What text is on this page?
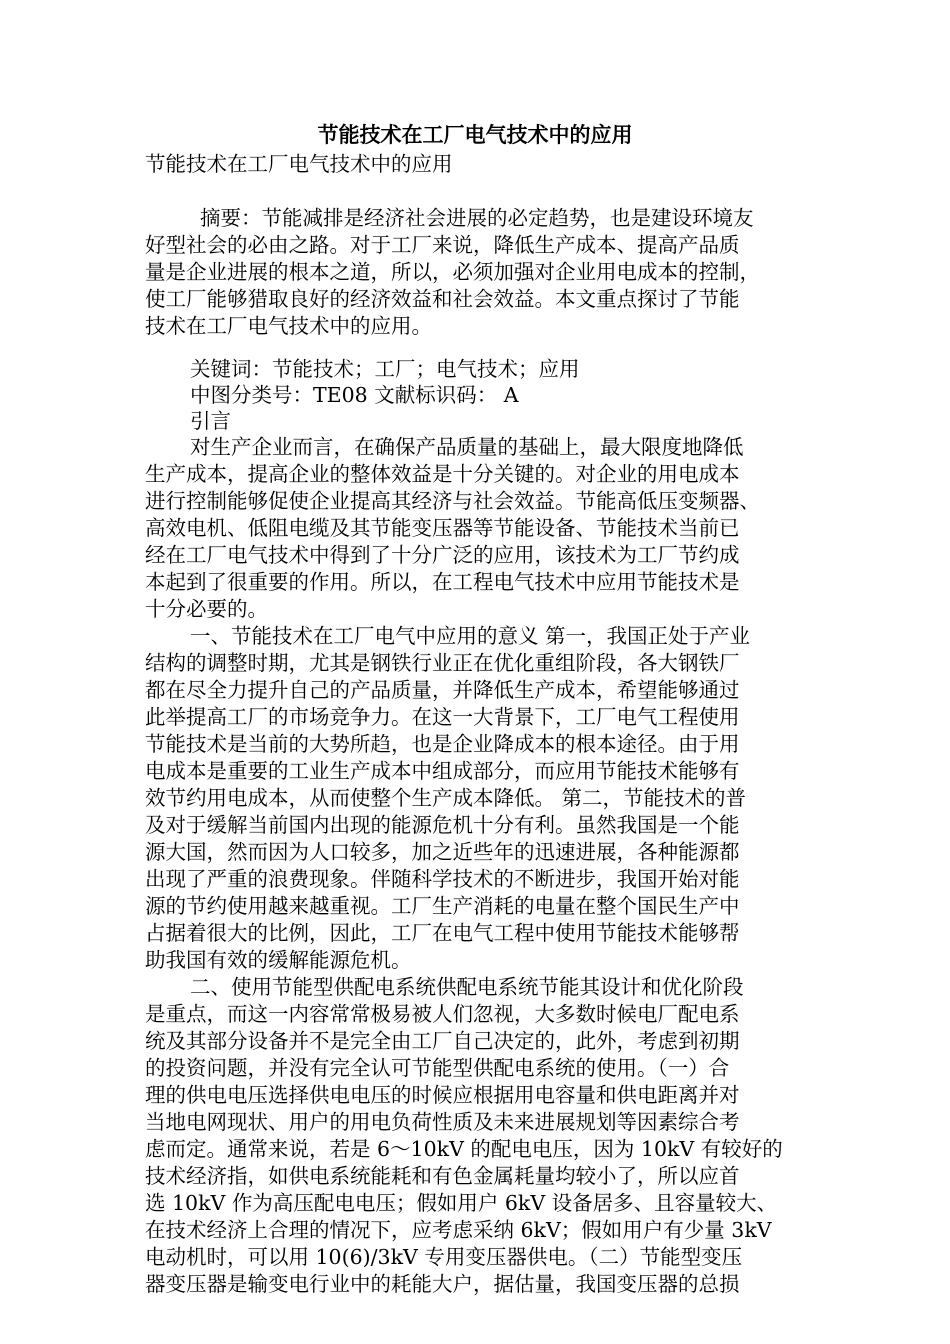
节能技术在工厂电气技术中的应用
节能技术在工厂电气技术中的应用
摘要：节能减排是经济社会进展的必定趋势，也是建设环境友
好型社会的必由之路。对于工厂来说，降低生产成本、提高产品质
量是企业进展的根本之道，所以，必须加强对企业用电成本的控制，
使工厂能够猎取良好的经济效益和社会效益。本文重点探讨了节能
技术在工厂电气技术中的应用。
关键词：节能技术；工厂；电气技术；应用
中图分类号：TE08 文献标识码： A
引言
对生产企业而言，在确保产品质量的基础上，最大限度地降低
生产成本，提高企业的整体效益是十分关键的。对企业的用电成本
进行控制能够促使企业提高其经济与社会效益。节能高低压变频器、
高效电机、低阻电缆及其节能变压器等节能设备、节能技术当前已
经在工厂电气技术中得到了十分广泛的应用，该技术为工厂节约成
本起到了很重要的作用。所以，在工程电气技术中应用节能技术是
十分必要的。
一、节能技术在工厂电气中应用的意义 第一，我国正处于产业
结构的调整时期，尤其是钢铁行业正在优化重组阶段，各大钢铁厂
都在尽全力提升自己的产品质量，并降低生产成本，希望能够通过
此举提高工厂的市场竞争力。在这一大背景下，工厂电气工程使用
节能技术是当前的大势所趋，也是企业降成本的根本途径。由于用
电成本是重要的工业生产成本中组成部分，而应用节能技术能够有
效节约用电成本，从而使整个生产成本降低。 第二，节能技术的普
及对于缓解当前国内出现的能源危机十分有利。虽然我国是一个能
源大国，然而因为人口较多，加之近些年的迅速进展，各种能源都
出现了严重的浪费现象。伴随科学技术的不断进步，我国开始对能
源的节约使用越来越重视。工厂生产消耗的电量在整个国民生产中
占据着很大的比例，因此，工厂在电气工程中使用节能技术能够帮
助我国有效的缓解能源危机。
二、使用节能型供配电系统供配电系统节能其设计和优化阶段
是重点，而这一内容常常极易被人们忽视，大多数时候电厂配电系
统及其部分设备并不是完全由工厂自己决定的，此外，考虑到初期
的投资问题，并没有完全认可节能型供配电系统的使用。（一）合
理的供电电压选择供电电压的时候应根据用电容量和供电距离并对
当地电网现状、用户的用电负荷性质及未来进展规划等因素综合考
虑而定。通常来说，若是 6～10kV 的配电电压，因为 10kV 有较好的
技术经济指，如供电系统能耗和有色金属耗量均较小了，所以应首
选 10kV 作为高压配电电压；假如用户 6kV 设备居多、且容量较大、
在技术经济上合理的情况下，应考虑采纳 6kV；假如用户有少量 3kV
电动机时，可以用 10(6)/3kV 专用变压器供电。（二）节能型变压
器变压器是输变电行业中的耗能大户，据估量，我国变压器的总损
